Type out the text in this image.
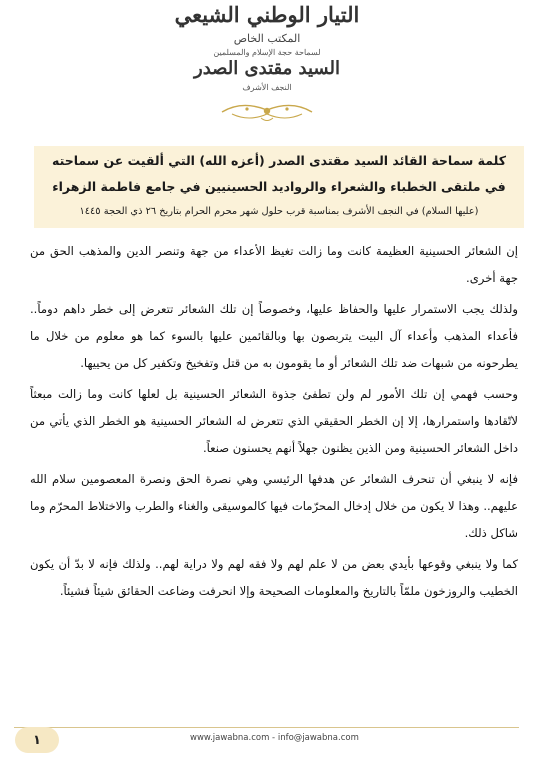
التيار الوطني الشيعي
المكتب الخاص
لسماحة حجة الإسلام والمسلمين
السيد مقتدى الصدر
النجف الأشرف
كلمة سماحة القائد السيد مقتدى الصدر (أعزه الله) التي ألقيت عن سماحته
في ملتقى الخطباء والشعراء والرواديد الحسينيين في جامع فاطمة الزهراء
(عليها السلام) في النجف الأشرف بمناسبة قرب حلول شهر محرم الحرام بتاريخ ٢٦ ذي الحجة ١٤٤٥

إن الشعائر الحسينية العظيمة كانت وما زالت تغيظ الأعداء من جهة وتنصر الدين والمذهب الحق من جهة أخرى.

ولذلك يجب الاستمرار عليها والحفاظ عليها، وخصوصاً إن تلك الشعائر تتعرض إلى خطر داهم دوماً.. فأعداء المذهب وأعداء آل البيت يتربصون بها وبالقائمين عليها بالسوء كما هو معلوم من خلال ما يطرحونه من شبهات ضد تلك الشعائر أو ما يقومون به من قتل وتفخيخ وتكفير كل من يحييها.

وحسب فهمي إن تلك الأمور لم ولن تطفئ جذوة الشعائر الحسينية بل لعلها كانت وما زالت مبعثاً لاتّقادها واستمرارها، إلا إن الخطر الحقيقي الذي تتعرض له الشعائر الحسينية هو الخطر الذي يأتي من داخل الشعائر الحسينية ومن الذين يظنون جهلاً أنهم يحسنون صنعاً.

فإنه لا ينبغي أن تنحرف الشعائر عن هدفها الرئيسي وهي نصرة الحق ونصرة المعصومين سلام الله عليهم.. وهذا لا يكون من خلال إدخال المحرّمات فيها كالموسيقى والغناء والطرب والاختلاط المحرّم وما شاكل ذلك.

كما ولا ينبغي وقوعها بأيدي بعض من لا علم لهم ولا فقه لهم ولا دراية لهم.. ولذلك فإنه لا بدّ أن يكون الخطيب والروزخون ملمّاً بالتاريخ والمعلومات الصحيحة وإلا انحرفت وضاعت الحقائق شيئاً فشيئاً.

١	www.jawabna.com - info@jawabna.com
